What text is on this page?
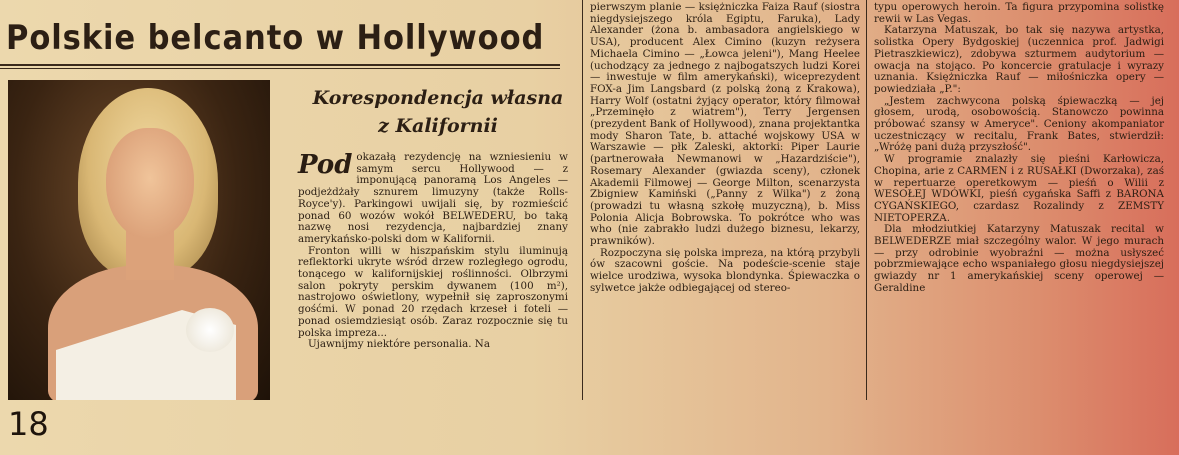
Polskie belcanto w Hollywood
18
Korespondencja własna
z Kalifornii

Pod okazałą rezydencję na wzniesieniu w samym sercu Hollywood — z imponującą panoramą Los Angeles — podjeżdżały sznurem limuzyny (także Rolls-Royce'y). Parkingowi uwijali się, by rozmieścić ponad 60 wozów wokół BELWEDERU, bo taką nazwę nosi rezydencja, najbardziej znany amerykańsko-polski dom w Kalifornii.

Fronton willi w hiszpańskim stylu iluminują reflektorki ukryte wśród drzew rozległego ogrodu, tonącego w kalifornijskiej roślinności. Olbrzymi salon pokryty perskim dywanem (100 m²), nastrojowo oświetlony, wypełnił się zaproszonymi gośćmi. W ponad 20 rzędach krzeseł i foteli — ponad osiemdziesiąt osób. Zaraz rozpocznie się tu polska impreza...

Ujawnijmy niektóre personalia. Na

pierwszym planie — księżniczka Faiza Rauf (siostra niegdysiejszego króla Egiptu, Faruka), Lady Alexander (żona b. ambasadora angielskiego w USA), producent Alex Cimino (kuzyn reżysera Michaela Cimino — „Łowca jeleni"), Mang Heelee (uchodzący za jednego z najbogatszych ludzi Korei — inwestuje w film amerykański), wiceprezydent FOX-a Jim Langsbard (z polską żoną z Krakowa), Harry Wolf (ostatni żyjący operator, który filmował „Przeminęło z wiatrem"), Terry Jergensen (prezydent Bank of Hollywood), znana projektantka mody Sharon Tate, b. attaché wojskowy USA w Warszawie — płk Zaleski, aktorki: Piper Laurie (partnerowała Newmanowi w „Hazardziście"), Rosemary Alexander (gwiazda sceny), członek Akademii Filmowej — George Milton, scenarzysta Zbigniew Kamiński („Panny z Wilka") z żoną (prowadzi tu własną szkołę muzyczną), b. Miss Polonia Alicja Bobrowska. To pokrótce who was who (nie zabrakło ludzi dużego biznesu, lekarzy, prawników).

Rozpoczyna się polska impreza, na którą przybyli ów szacowni goście. Na podeście-scenie staje wielce urodziwa, wysoka blondynka. Śpiewaczka o sylwetce jakże odbiegającej od stereo-

typu operowych heroin. Ta figura przypomina solistkę rewii w Las Vegas.

Katarzyna Matuszak, bo tak się nazywa artystka, solistka Opery Bydgoskiej (uczennica prof. Jadwigi Pietraszkiewicz), zdobywa szturmem audytorium — owacja na stojąco. Po koncercie gratulacje i wyrazy uznania. Księżniczka Rauf — miłośniczka opery — powiedziała „P.":

„Jestem zachwycona polską śpiewaczką — jej głosem, urodą, osobowością. Stanowczo powinna próbować szansy w Ameryce". Ceniony akompaniator uczestniczący w recitalu, Frank Bates, stwierdził: „Wróżę pani dużą przyszłość".

W programie znalazły się pieśni Karłowicza, Chopina, arie z CARMEN i z RUSAŁKI (Dworzaka), zaś w repertuarze operetkowym — pieśń o Wilii z WESOŁEJ WDÓWKI, pieśń cygańska Saffi z BARONA CYGAŃSKIEGO, czardasz Rozalindy z ZEMSTY NIETOPERZA.

Dla młodziutkiej Katarzyny Matuszak recital w BELWEDERZE miał szczególny walor. W jego murach — przy odrobinie wyobraźni — można usłyszeć pobrzmiewające echo wspaniałego głosu niegdysiejszej gwiazdy nr 1 amerykańskiej sceny operowej — Geraldine
